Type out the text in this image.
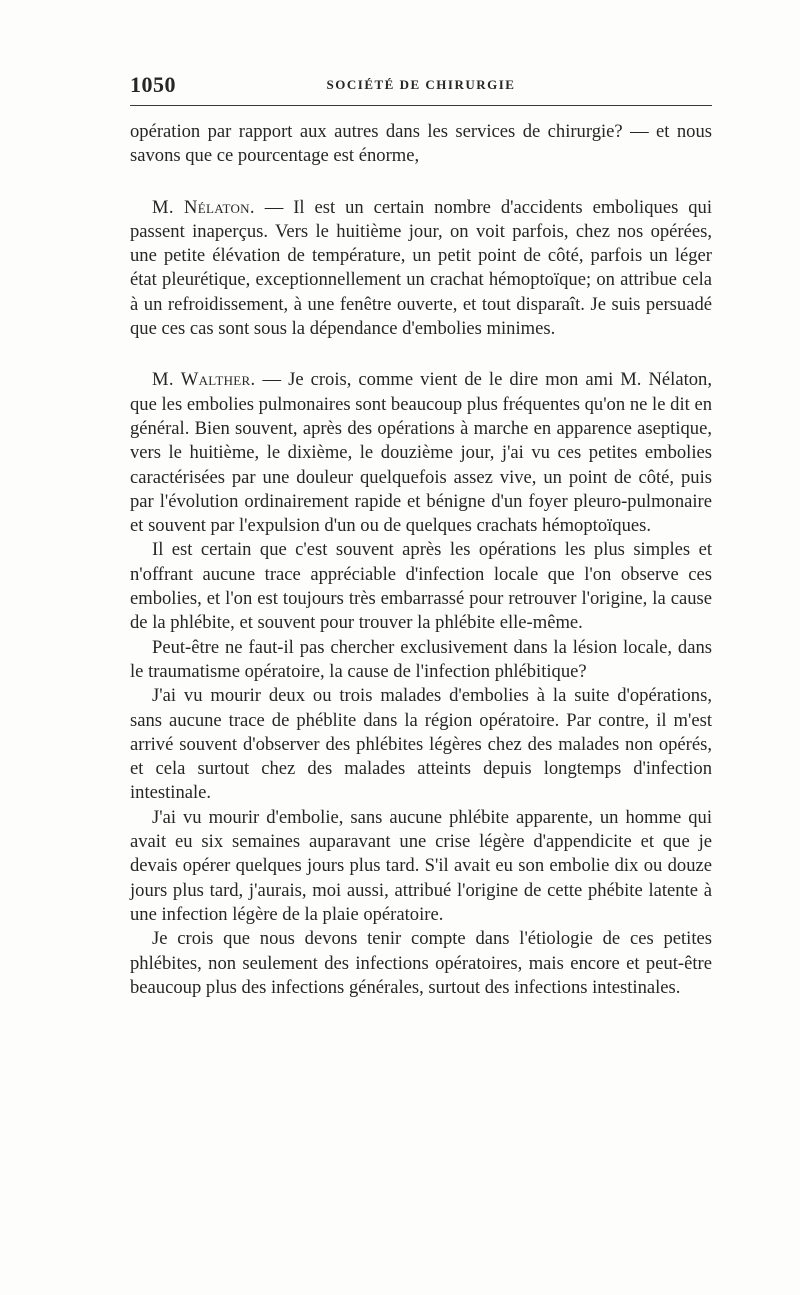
1050	SOCIÉTÉ DE CHIRURGIE

opération par rapport aux autres dans les services de chirurgie? — et nous savons que ce pourcentage est énorme,

M. Nélaton. — Il est un certain nombre d'accidents emboliques qui passent inaperçus. Vers le huitième jour, on voit parfois, chez nos opérées, une petite élévation de température, un petit point de côté, parfois un léger état pleurétique, exceptionnellement un crachat hémoptoïque; on attribue cela à un refroidissement, à une fenêtre ouverte, et tout disparaît. Je suis persuadé que ces cas sont sous la dépendance d'embolies minimes.

M. Walther. — Je crois, comme vient de le dire mon ami M. Nélaton, que les embolies pulmonaires sont beaucoup plus fréquentes qu'on ne le dit en général. Bien souvent, après des opérations à marche en apparence aseptique, vers le huitième, le dixième, le douzième jour, j'ai vu ces petites embolies caractérisées par une douleur quelquefois assez vive, un point de côté, puis par l'évolution ordinairement rapide et bénigne d'un foyer pleuro-pulmonaire et souvent par l'expulsion d'un ou de quelques crachats hémoptoïques.

Il est certain que c'est souvent après les opérations les plus simples et n'offrant aucune trace appréciable d'infection locale que l'on observe ces embolies, et l'on est toujours très embarrassé pour retrouver l'origine, la cause de la phlébite, et souvent pour trouver la phlébite elle-même.

Peut-être ne faut-il pas chercher exclusivement dans la lésion locale, dans le traumatisme opératoire, la cause de l'infection phlébitique?

J'ai vu mourir deux ou trois malades d'embolies à la suite d'opérations, sans aucune trace de phéblite dans la région opératoire. Par contre, il m'est arrivé souvent d'observer des phlébites légères chez des malades non opérés, et cela surtout chez des malades atteints depuis longtemps d'infection intestinale.

J'ai vu mourir d'embolie, sans aucune phlébite apparente, un homme qui avait eu six semaines auparavant une crise légère d'appendicite et que je devais opérer quelques jours plus tard. S'il avait eu son embolie dix ou douze jours plus tard, j'aurais, moi aussi, attribué l'origine de cette phébite latente à une infection légère de la plaie opératoire.

Je crois que nous devons tenir compte dans l'étiologie de ces petites phlébites, non seulement des infections opératoires, mais encore et peut-être beaucoup plus des infections générales, surtout des infections intestinales.
